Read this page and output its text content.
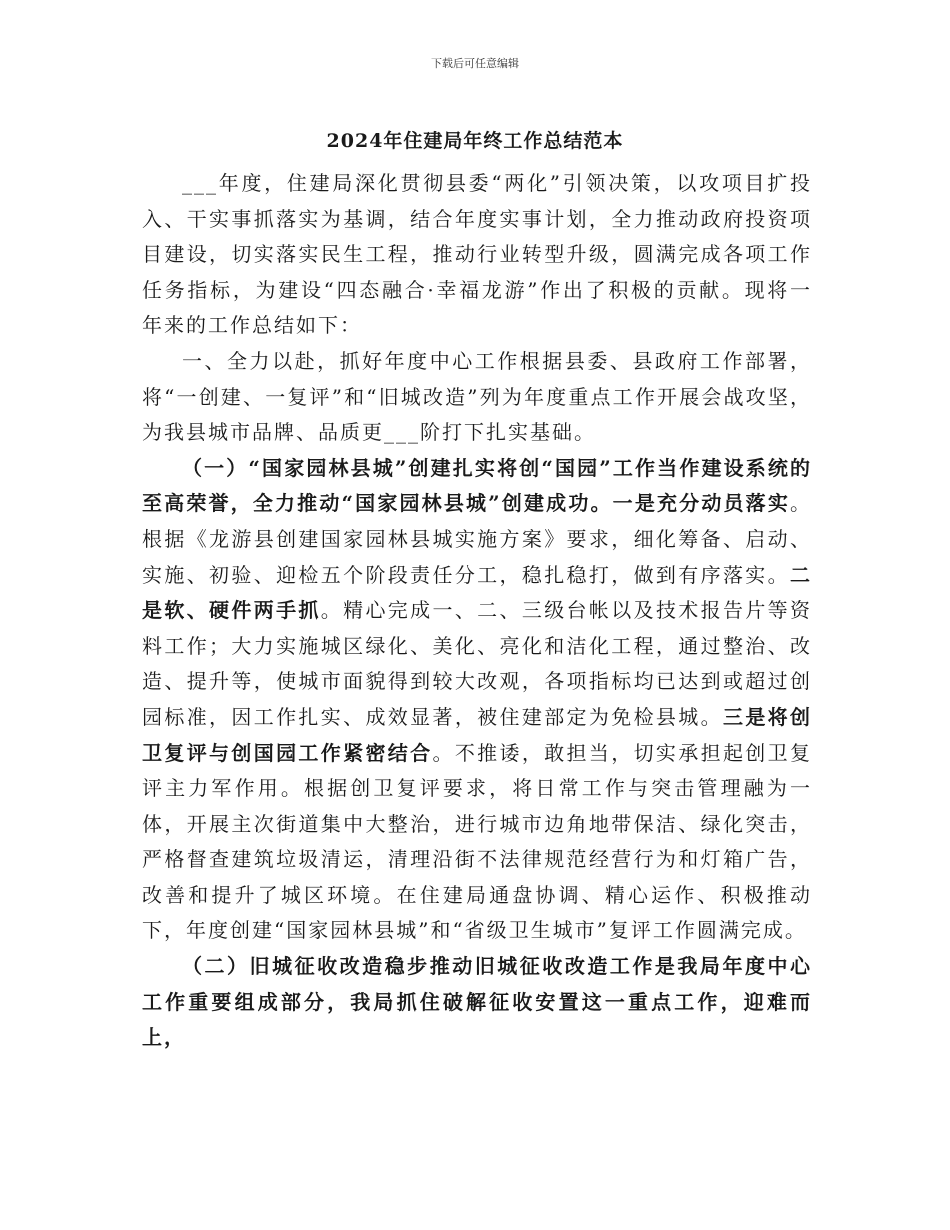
下载后可任意编辑
2024年住建局年终工作总结范本

___年度，住建局深化贯彻县委“两化”引领决策，以攻项目扩投入、干实事抓落实为基调，结合年度实事计划，全力推动政府投资项目建设，切实落实民生工程，推动行业转型升级，圆满完成各项工作任务指标，为建设“四态融合·幸福龙游”作出了积极的贡献。现将一年来的工作总结如下：

一、全力以赴，抓好年度中心工作根据县委、县政府工作部署，将“一创建、一复评”和“旧城改造”列为年度重点工作开展会战攻坚，为我县城市品牌、品质更___阶打下扎实基础。

（一）“国家园林县城”创建扎实将创“国园”工作当作建设系统的至高荣誉，全力推动“国家园林县城”创建成功。一是充分动员落实。根据《龙游县创建国家园林县城实施方案》要求，细化筹备、启动、实施、初验、迎检五个阶段责任分工，稳扎稳打，做到有序落实。二是软、硬件两手抓。精心完成一、二、三级台帐以及技术报告片等资料工作；大力实施城区绿化、美化、亮化和洁化工程，通过整治、改造、提升等，使城市面貌得到较大改观，各项指标均已达到或超过创园标准，因工作扎实、成效显著，被住建部定为免检县城。三是将创卫复评与创国园工作紧密结合。不推诿，敢担当，切实承担起创卫复评主力军作用。根据创卫复评要求，将日常工作与突击管理融为一体，开展主次街道集中大整治，进行城市边角地带保洁、绿化突击，严格督查建筑垃圾清运，清理沿街不法律规范经营行为和灯箱广告，改善和提升了城区环境。在住建局通盘协调、精心运作、积极推动下，年度创建“国家园林县城”和“省级卫生城市”复评工作圆满完成。

（二）旧城征收改造稳步推动旧城征收改造工作是我局年度中心工作重要组成部分，我局抓住破解征收安置这一重点工作，迎难而上，
